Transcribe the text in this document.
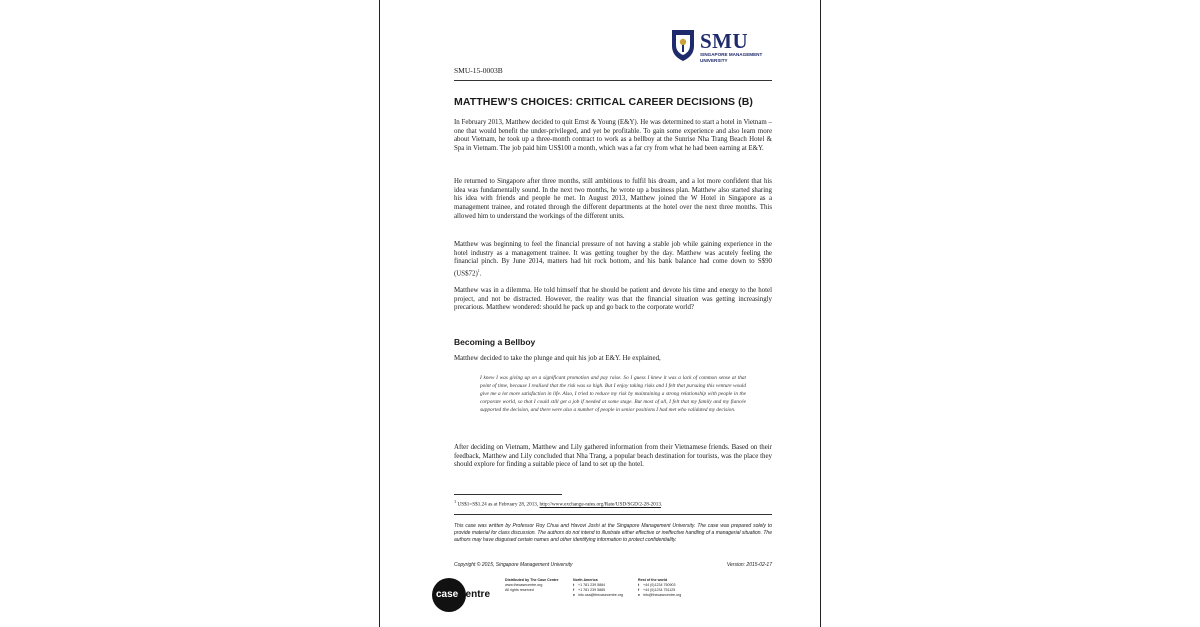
SMU
SINGAPORE MANAGEMENT UNIVERSITY
SMU-15-0003B
MATTHEW’S CHOICES: CRITICAL CAREER DECISIONS (B)

In February 2013, Matthew decided to quit Ernst & Young (E&Y). He was determined to start a hotel in Vietnam – one that would benefit the under-privileged, and yet be profitable. To gain some experience and also learn more about Vietnam, he took up a three-month contract to work as a bellboy at the Sunrise Nha Trang Beach Hotel & Spa in Vietnam. The job paid him US$100 a month, which was a far cry from what he had been earning at E&Y.

He returned to Singapore after three months, still ambitious to fulfil his dream, and a lot more confident that his idea was fundamentally sound. In the next two months, he wrote up a business plan. Matthew also started sharing his idea with friends and people he met. In August 2013, Matthew joined the W Hotel in Singapore as a management trainee, and rotated through the different departments at the hotel over the next three months. This allowed him to understand the workings of the different units.

Matthew was beginning to feel the financial pressure of not having a stable job while gaining experience in the hotel industry as a management trainee. It was getting tougher by the day. Matthew was acutely feeling the financial pinch. By June 2014, matters had hit rock bottom, and his bank balance had come down to S$90 (US$72)$^1$.

Matthew was in a dilemma. He told himself that he should be patient and devote his time and energy to the hotel project, and not be distracted. However, the reality was that the financial situation was getting increasingly precarious. Matthew wondered: should he pack up and go back to the corporate world?

Becoming a Bellboy

Matthew decided to take the plunge and quit his job at E&Y. He explained,

I knew I was giving up on a significant promotion and pay raise. So I guess I knew it was a lack of common sense at that point of time, because I realised that the risk was so high. But I enjoy taking risks and I felt that pursuing this venture would give me a lot more satisfaction in life. Also, I tried to reduce my risk by maintaining a strong relationship with people in the corporate world, so that I could still get a job if needed at some stage. But most of all, I felt that my family and my fiancée supported the decision, and there were also a number of people in senior positions I had met who validated my decision.

After deciding on Vietnam, Matthew and Lily gathered information from their Vietnamese friends. Based on their feedback, Matthew and Lily concluded that Nha Trang, a popular beach destination for tourists, was the place they should explore for finding a suitable piece of land to set up the hotel.

$^1$ US$1=S$1.24 as at February 28, 2013, http://www.exchange-rates.org/Rate/USD/SGD/2-28-2013.

This case was written by Professor Roy Chua and Havovi Joshi at the Singapore Management University. The case was prepared solely to provide material for class discussion. The authors do not intend to illustrate either effective or ineffective handling of a managerial situation. The authors may have disguised certain names and other identifying information to protect confidentiality.

Copyright © 2015, Singapore Management University	Version: 2015-02-17
case centre
Distributed by The Case Centre
www.thecasecentre.org
All rights reserved
North America
t +1 781 239 5884
f +1 781 239 5885
e info.usa@thecasecentre.org
Rest of the world
t +44 (0)1234 750903
f +44 (0)1234 751125
e info@thecasecentre.org
